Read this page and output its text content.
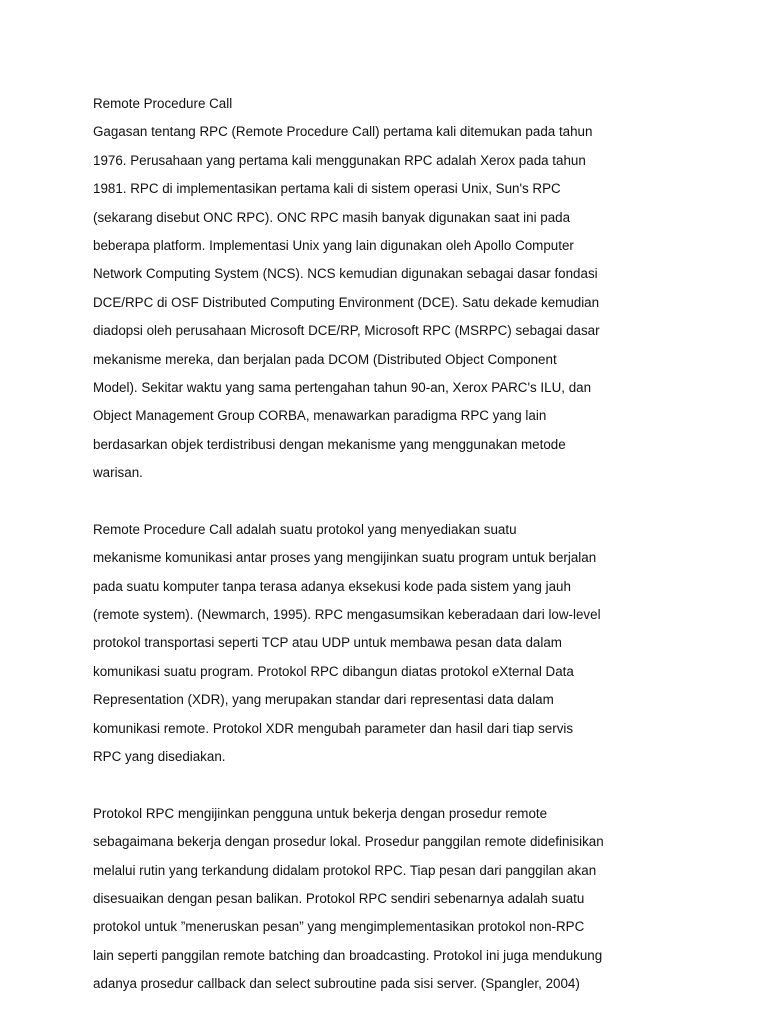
Remote Procedure Call
Gagasan tentang RPC (Remote Procedure Call) pertama kali ditemukan pada tahun
1976. Perusahaan yang pertama kali menggunakan RPC adalah Xerox pada tahun
1981. RPC di implementasikan pertama kali di sistem operasi Unix, Sun's RPC
(sekarang disebut ONC RPC). ONC RPC masih banyak digunakan saat ini pada
beberapa platform. Implementasi Unix yang lain digunakan oleh Apollo Computer
Network Computing System (NCS). NCS kemudian digunakan sebagai dasar fondasi
DCE/RPC di OSF Distributed Computing Environment (DCE). Satu dekade kemudian
diadopsi oleh perusahaan Microsoft DCE/RP, Microsoft RPC (MSRPC) sebagai dasar
mekanisme mereka, dan berjalan pada DCOM (Distributed Object Component
Model). Sekitar waktu yang sama pertengahan tahun 90-an, Xerox PARC's ILU, dan
Object Management Group CORBA, menawarkan paradigma RPC yang lain
berdasarkan objek terdistribusi dengan mekanisme yang menggunakan metode
warisan.
Remote Procedure Call adalah suatu protokol yang menyediakan suatu
mekanisme komunikasi antar proses yang mengijinkan suatu program untuk berjalan
pada suatu komputer tanpa terasa adanya eksekusi kode pada sistem yang jauh
(remote system). (Newmarch, 1995). RPC mengasumsikan keberadaan dari low-level
protokol transportasi seperti TCP atau UDP untuk membawa pesan data dalam
komunikasi suatu program. Protokol RPC dibangun diatas protokol eXternal Data
Representation (XDR), yang merupakan standar dari representasi data dalam
komunikasi remote. Protokol XDR mengubah parameter dan hasil dari tiap servis
RPC yang disediakan.
Protokol RPC mengijinkan pengguna untuk bekerja dengan prosedur remote
sebagaimana bekerja dengan prosedur lokal. Prosedur panggilan remote didefinisikan
melalui rutin yang terkandung didalam protokol RPC. Tiap pesan dari panggilan akan
disesuaikan dengan pesan balikan. Protokol RPC sendiri sebenarnya adalah suatu
protokol untuk ”meneruskan pesan” yang mengimplementasikan protokol non-RPC
lain seperti panggilan remote batching dan broadcasting. Protokol ini juga mendukung
adanya prosedur callback dan select subroutine pada sisi server. (Spangler, 2004)
